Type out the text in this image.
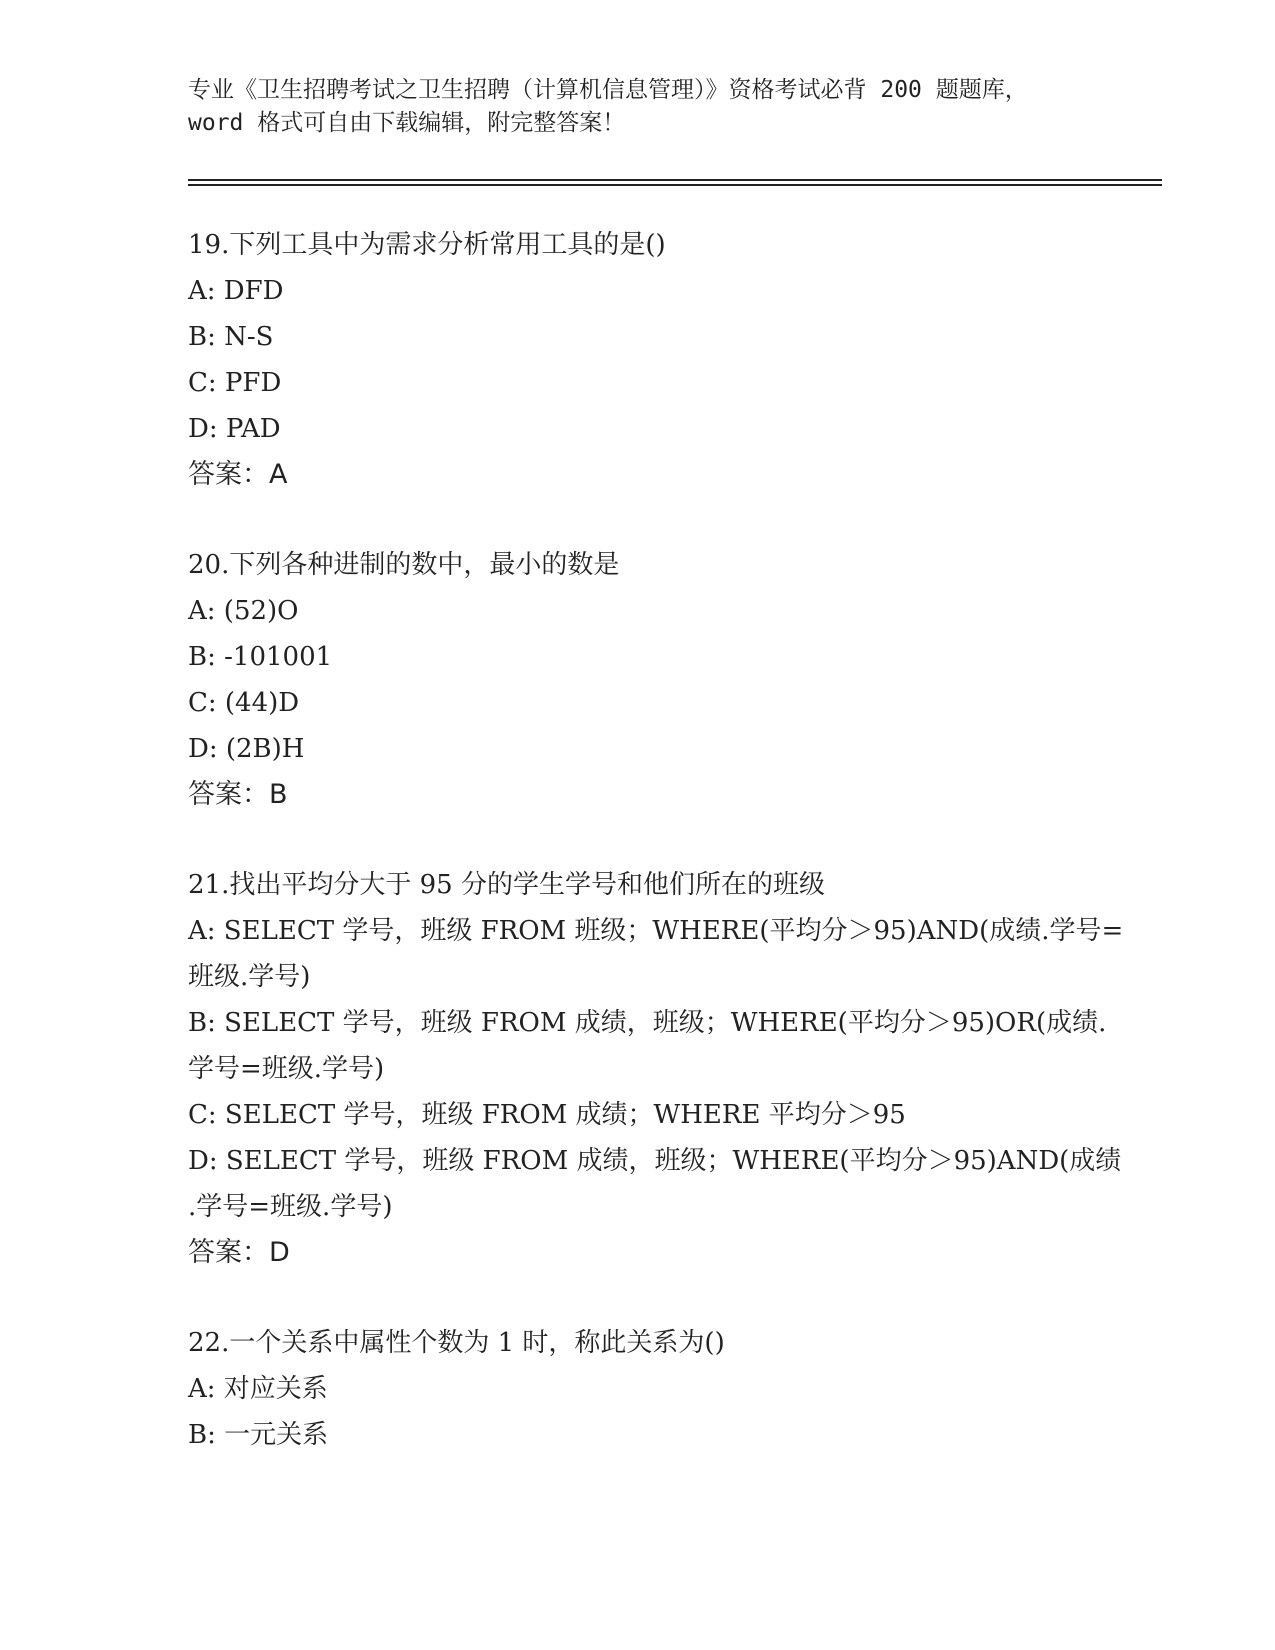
专业《卫生招聘考试之卫生招聘（计算机信息管理）》资格考试必背 200 题题库，
word 格式可自由下载编辑，附完整答案！
19.下列工具中为需求分析常用工具的是()
A: DFD
B: N-S
C: PFD
D: PAD
答案：A
20.下列各种进制的数中，最小的数是
A: (52)O
B: -101001
C: (44)D
D: (2B)H
答案：B
21.找出平均分大于 95 分的学生学号和他们所在的班级
A: SELECT 学号，班级 FROM 班级；WHERE(平均分＞95)AND(成绩.学号=
班级.学号)
B: SELECT 学号，班级 FROM 成绩，班级；WHERE(平均分＞95)OR(成绩.
学号=班级.学号)
C: SELECT 学号，班级 FROM 成绩；WHERE 平均分＞95
D: SELECT 学号，班级 FROM 成绩，班级；WHERE(平均分＞95)AND(成绩
.学号=班级.学号)
答案：D
22.一个关系中属性个数为 1 时，称此关系为()
A: 对应关系
B: 一元关系
